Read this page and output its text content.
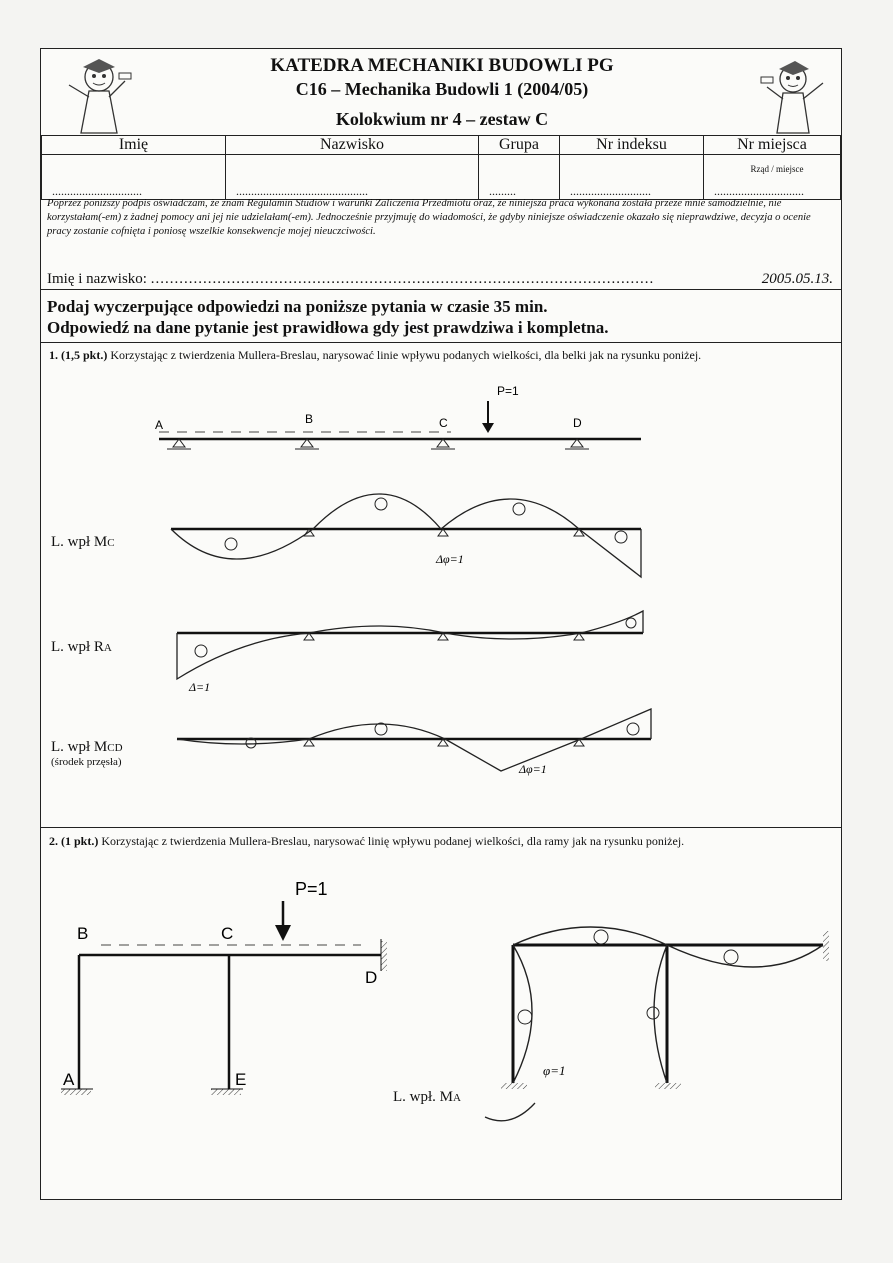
KATEDRA MECHANIKI BUDOWLI PG
C16 – Mechanika Budowli 1 (2004/05)
Kolokwium nr 4 – zestaw C
Imię	Nazwisko	Grupa	Nr indeksu	Nr miejsca
..............................	............................................	.........	...........................	Rząd / miejsce
..............................
Poprzez poniższy podpis oświadczam, że znam Regulamin Studiów i warunki Zaliczenia Przedmiotu oraz, że niniejsza praca wykonana została przeze mnie samodzielnie, nie korzystałam(-em) z żadnej pomocy ani jej nie udzielałam(-em). Jednocześnie przyjmuję do wiadomości, że gdyby niniejsze oświadczenie okazało się nieprawdziwe, decyzja o ocenie pracy zostanie cofnięta i poniosę wszelkie konsekwencje mojej nieuczciwości.
Imię i nazwisko: ..........................................................................................................	2005.05.13.
Podaj wyczerpujące odpowiedzi na poniższe pytania w czasie 35 min.
Odpowiedź na dane pytanie jest prawidłowa gdy jest prawdziwa i kompletna.
1. (1,5 pkt.) Korzystając z twierdzenia Mullera-Breslau, narysować linie wpływu podanych wielkości, dla belki jak na rysunku poniżej.
L. wpł MC
L. wpł RA
L. wpł MCD
(środek przęsła)
2. (1 pkt.) Korzystając z twierdzenia Mullera-Breslau, narysować linię wpływu podanej wielkości, dla ramy jak na rysunku poniżej.
L. wpł. MA
A	B	C	D
P=1
Δφ=1
Δ=1
Δφ=1
P=1
B	C
D
A	E	φ=1
